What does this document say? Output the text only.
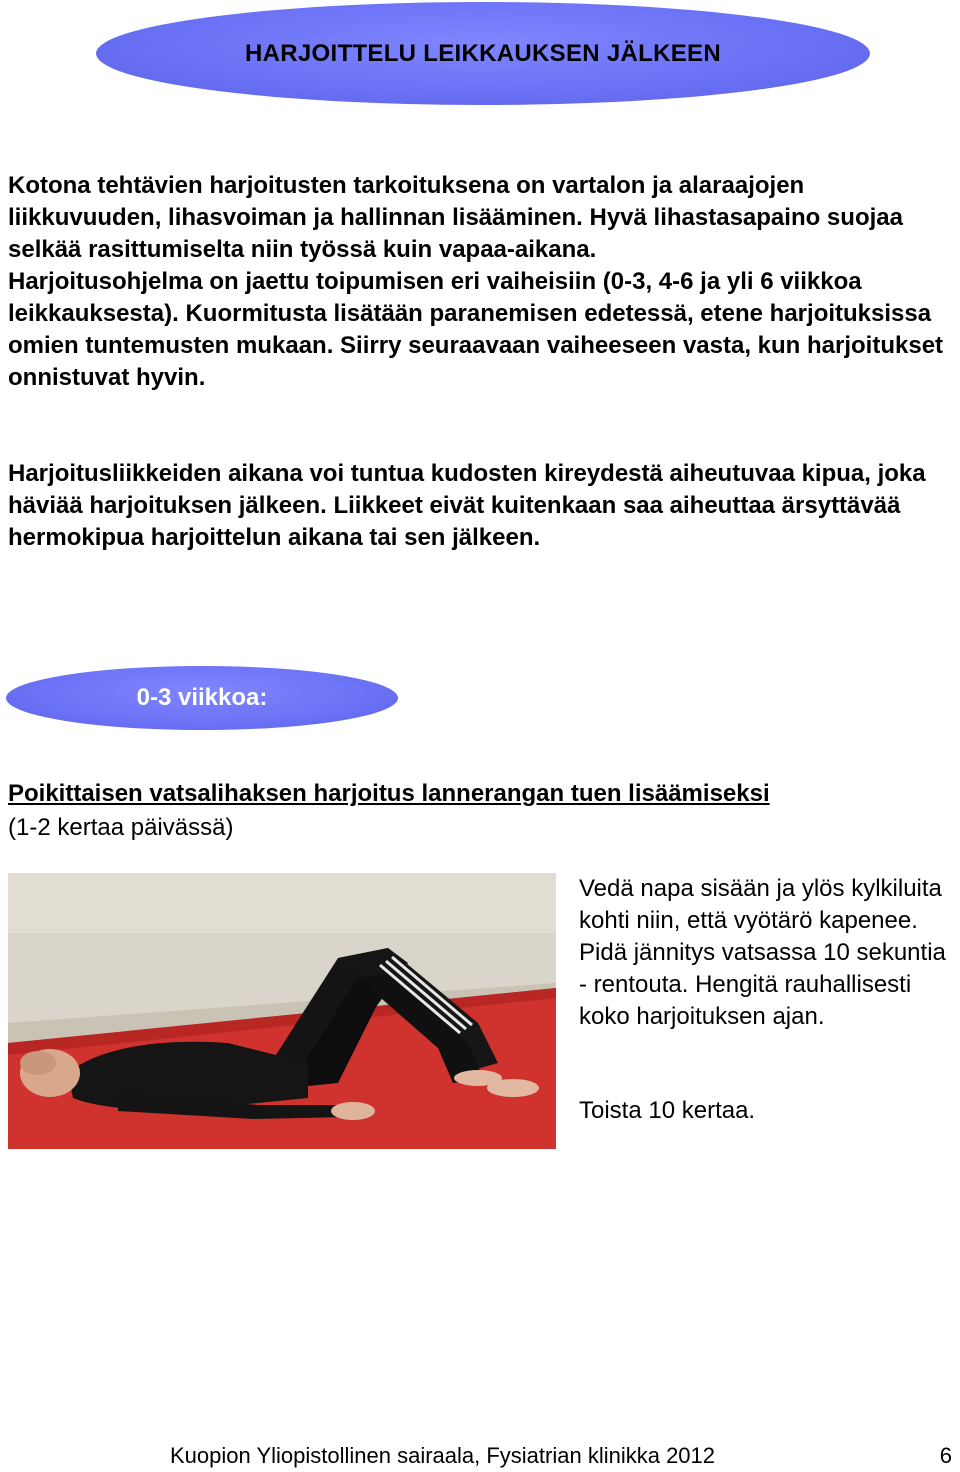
HARJOITTELU LEIKKAUKSEN JÄLKEEN

Kotona tehtävien harjoitusten tarkoituksena on vartalon ja alaraajojen liikkuvuuden, lihasvoiman ja hallinnan lisääminen. Hyvä lihastasapaino suojaa selkää rasittumiselta niin työssä kuin vapaa-aikana.

Harjoitusohjelma on jaettu toipumisen eri vaiheisiin (0-3, 4-6 ja yli 6 viikkoa leikkauksesta). Kuormitusta lisätään paranemisen edetessä, etene harjoituksissa omien tuntemusten mukaan. Siirry seuraavaan vaiheeseen vasta, kun harjoitukset onnistuvat hyvin.

Harjoitusliikkeiden aikana voi tuntua kudosten kireydestä aiheutuvaa kipua, joka häviää harjoituksen jälkeen. Liikkeet eivät kuitenkaan saa aiheuttaa ärsyttävää hermokipua harjoittelun aikana tai sen jälkeen.

0-3 viikkoa:
Poikittaisen vatsalihaksen harjoitus lannerangan tuen lisäämiseksi
(1-2 kertaa päivässä)

Vedä napa sisään ja ylös kylkiluita kohti niin, että vyötärö kapenee. Pidä jännitys vatsassa 10 sekuntia - rentouta. Hengitä rauhallisesti koko harjoituksen ajan.

Toista 10 kertaa.
Kuopion Yliopistollinen sairaala, Fysiatrian klinikka 2012	6
